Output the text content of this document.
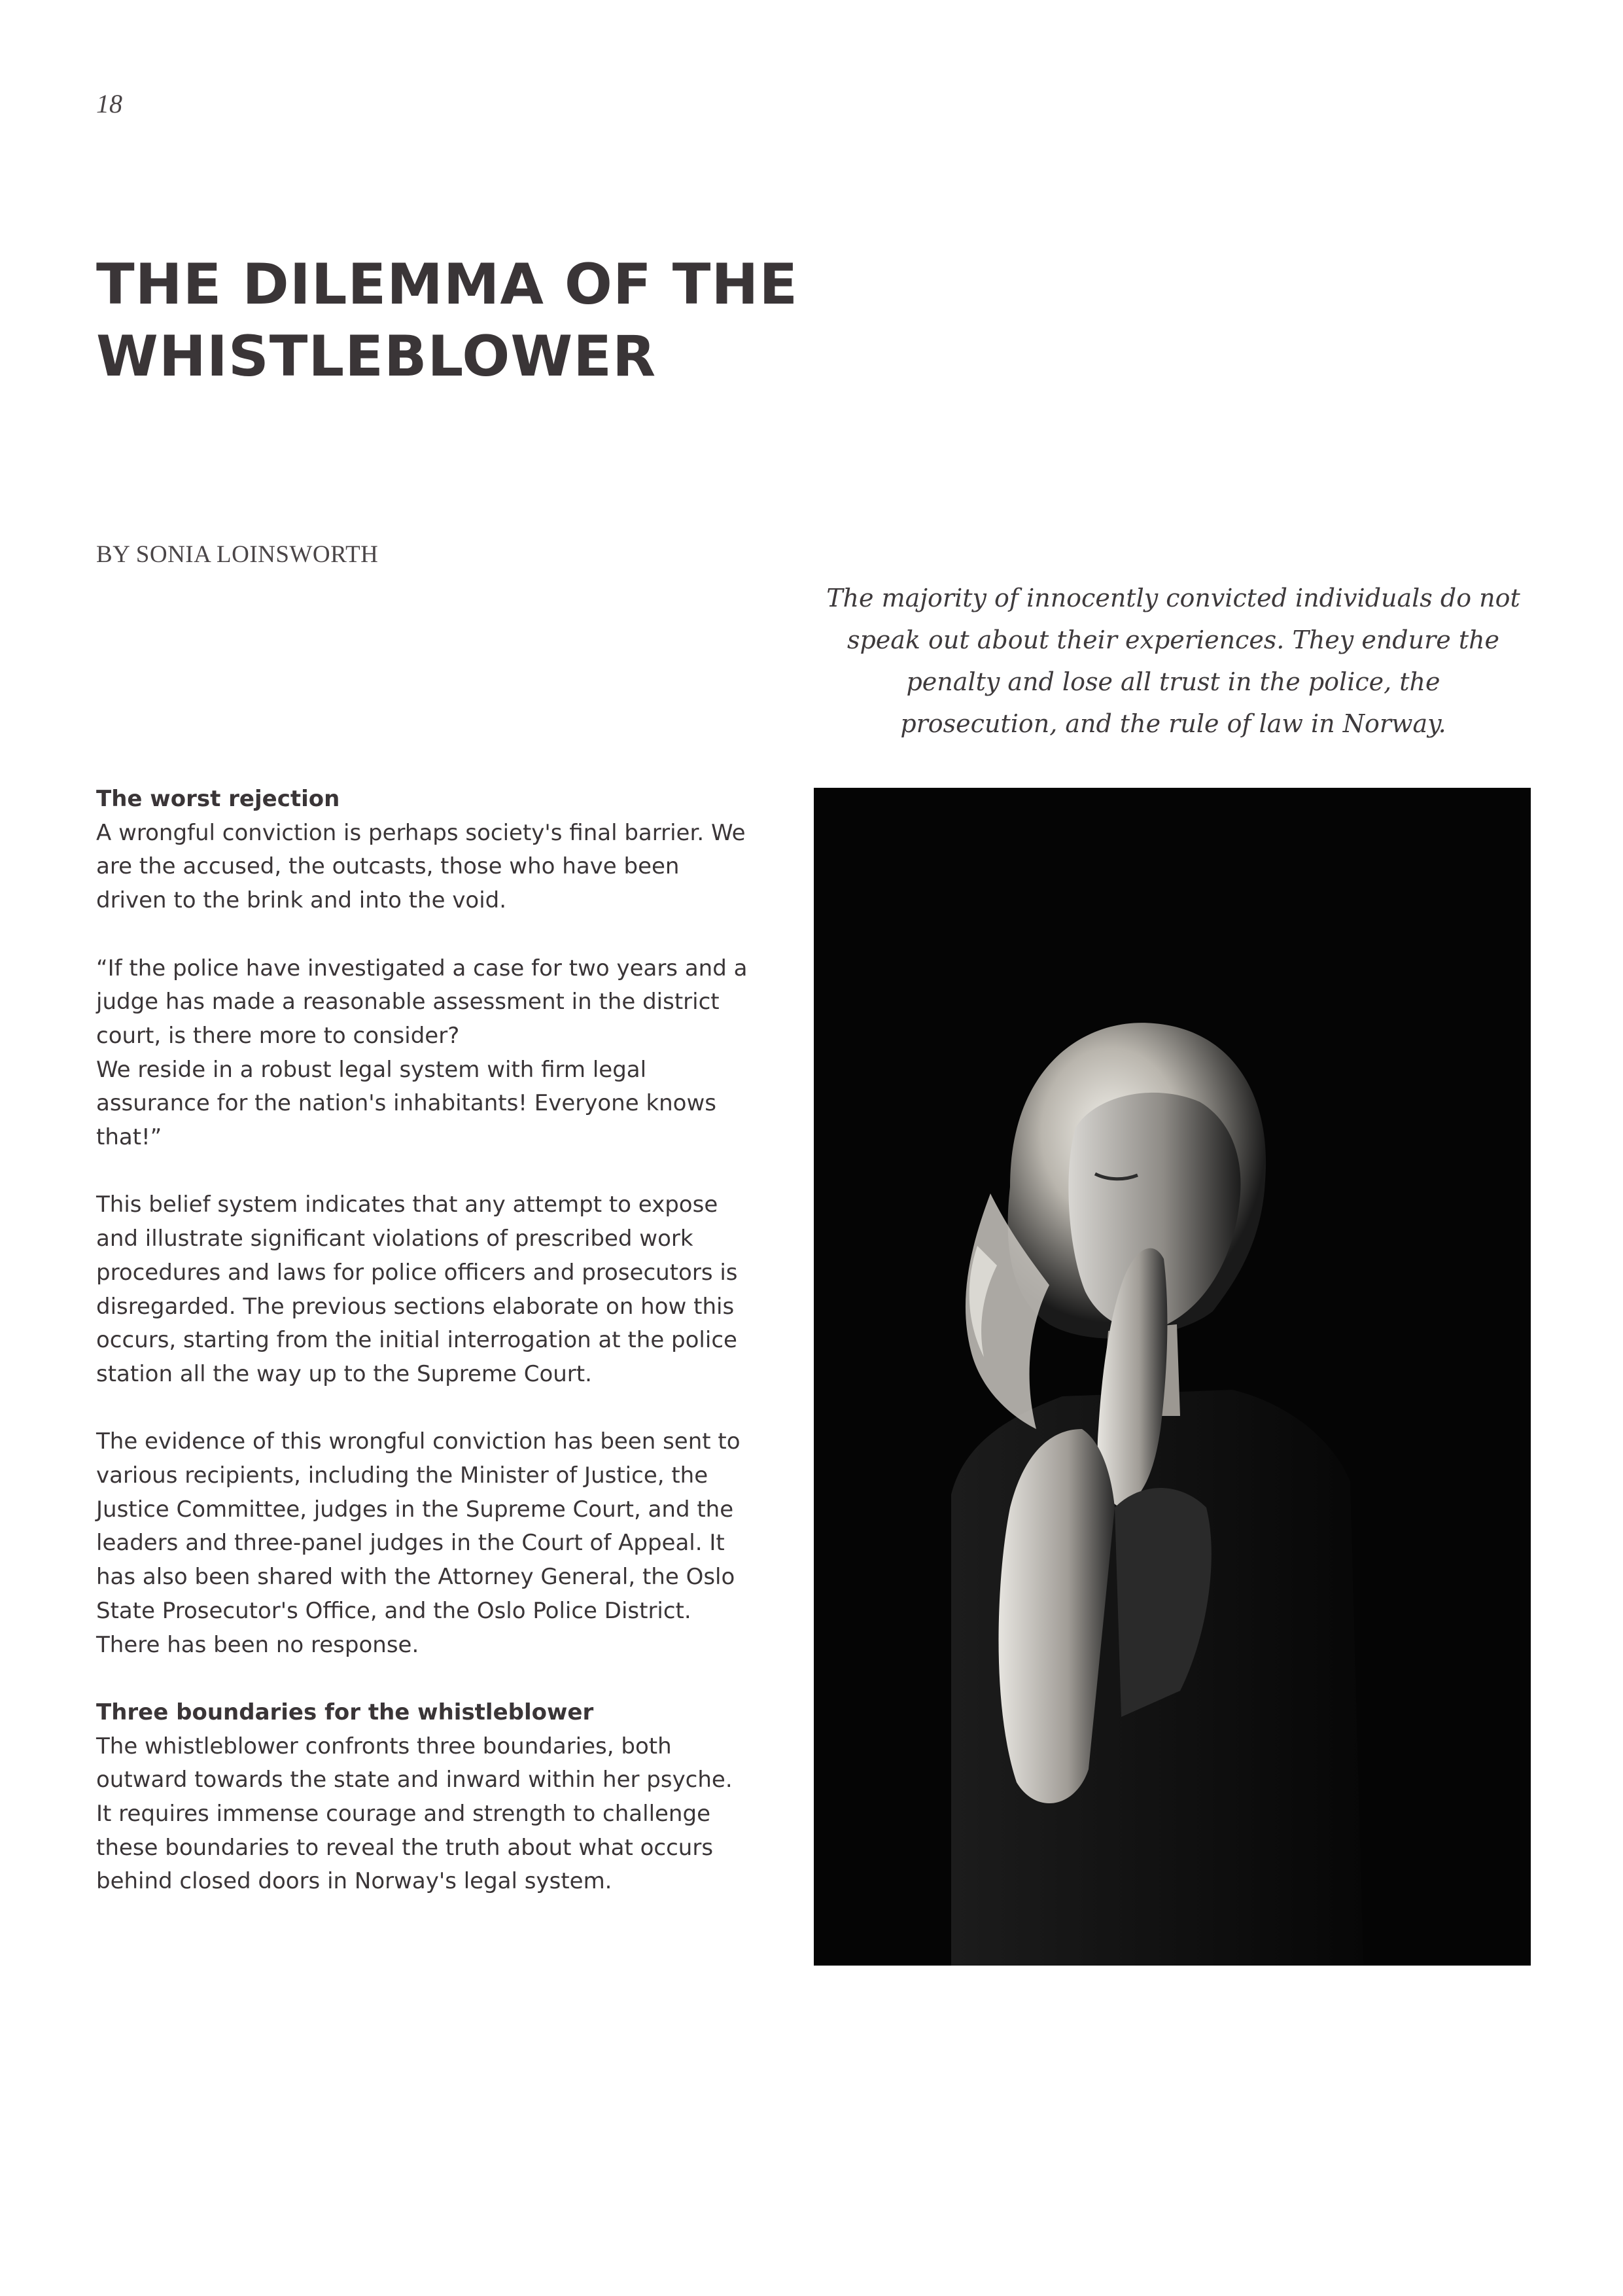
18
THE DILEMMA OF THE
WHISTLEBLOWER
BY SONIA LOINSWORTH

The majority of innocently convicted individuals do not speak out about their experiences. They endure the penalty and lose all trust in the police, the prosecution, and the rule of law in Norway.

The worst rejection
A wrongful conviction is perhaps society's final barrier. We are the accused, the outcasts, those who have been driven to the brink and into the void.

“If the police have investigated a case for two years and a judge has made a reasonable assessment in the district court, is there more to consider?
We reside in a robust legal system with firm legal assurance for the nation's inhabitants! Everyone knows that!”

This belief system indicates that any attempt to expose and illustrate significant violations of prescribed work procedures and laws for police officers and prosecutors is disregarded. The previous sections elaborate on how this occurs, starting from the initial interrogation at the police station all the way up to the Supreme Court.

The evidence of this wrongful conviction has been sent to various recipients, including the Minister of Justice, the Justice Committee, judges in the Supreme Court, and the leaders and three-panel judges in the Court of Appeal. It has also been shared with the Attorney General, the Oslo State Prosecutor's Office, and the Oslo Police District. There has been no response.

Three boundaries for the whistleblower
The whistleblower confronts three boundaries, both outward towards the state and inward within her psyche. It requires immense courage and strength to challenge these boundaries to reveal the truth about what occurs behind closed doors in Norway's legal system.
